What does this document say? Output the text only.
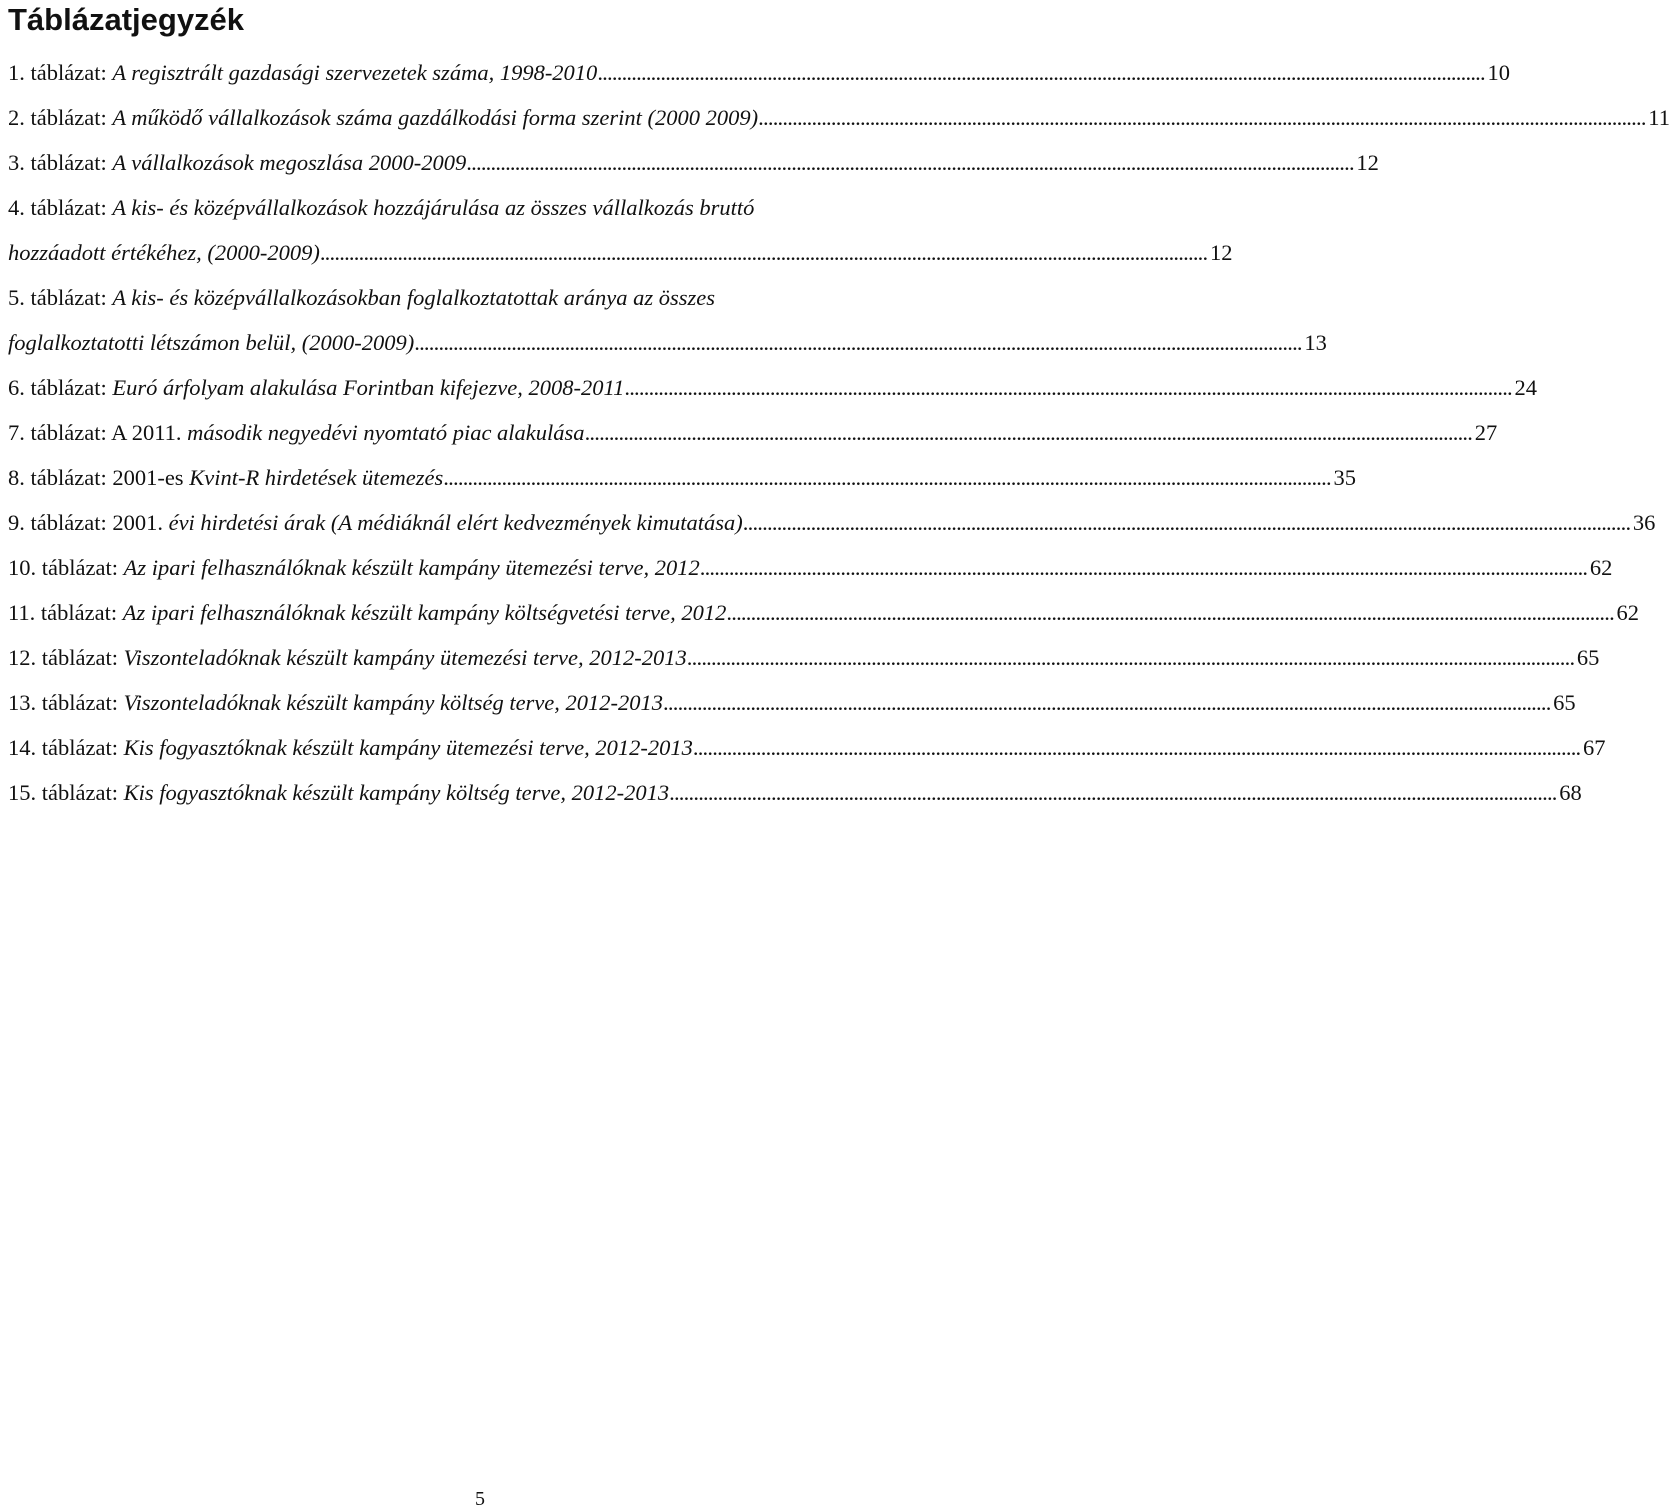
Táblázatjegyzék
1. táblázat: A regisztrált gazdasági szervezetek száma, 1998-2010 . . .	10
2. táblázat: A működő vállalkozások száma gazdálkodási forma szerint (2000 2009) . . .	11
3. táblázat: A vállalkozások megoszlása 2000-2009 . . .	12
4. táblázat: A kis- és középvállalkozások hozzájárulása az összes vállalkozás bruttó
hozzáadott értékéhez, (2000-2009) . . .	12
5. táblázat: A kis- és középvállalkozásokban foglalkoztatottak aránya az összes
foglalkoztatotti létszámon belül, (2000-2009) . . .	13
6. táblázat: Euró árfolyam alakulása Forintban kifejezve, 2008-2011 . . .	24
7. táblázat: A 2011. második negyedévi nyomtató piac alakulása . . .	27
8. táblázat: 2001-es Kvint-R hirdetések ütemezés . . .	35
9. táblázat: 2001. évi hirdetési árak (A médiáknál elért kedvezmények kimutatása) . . .	36
10. táblázat: Az ipari felhasználóknak készült kampány ütemezési terve, 2012 . . .	62
11. táblázat: Az ipari felhasználóknak készült kampány költségvetési terve, 2012 . . .	62
12. táblázat: Viszonteladóknak készült kampány ütemezési terve, 2012-2013 . . .	65
13. táblázat: Viszonteladóknak készült kampány költség terve, 2012-2013 . . .	65
14. táblázat: Kis fogyasztóknak készült kampány ütemezési terve, 2012-2013 . . .	67
15. táblázat: Kis fogyasztóknak készült kampány költség terve, 2012-2013 . . .	68

5
